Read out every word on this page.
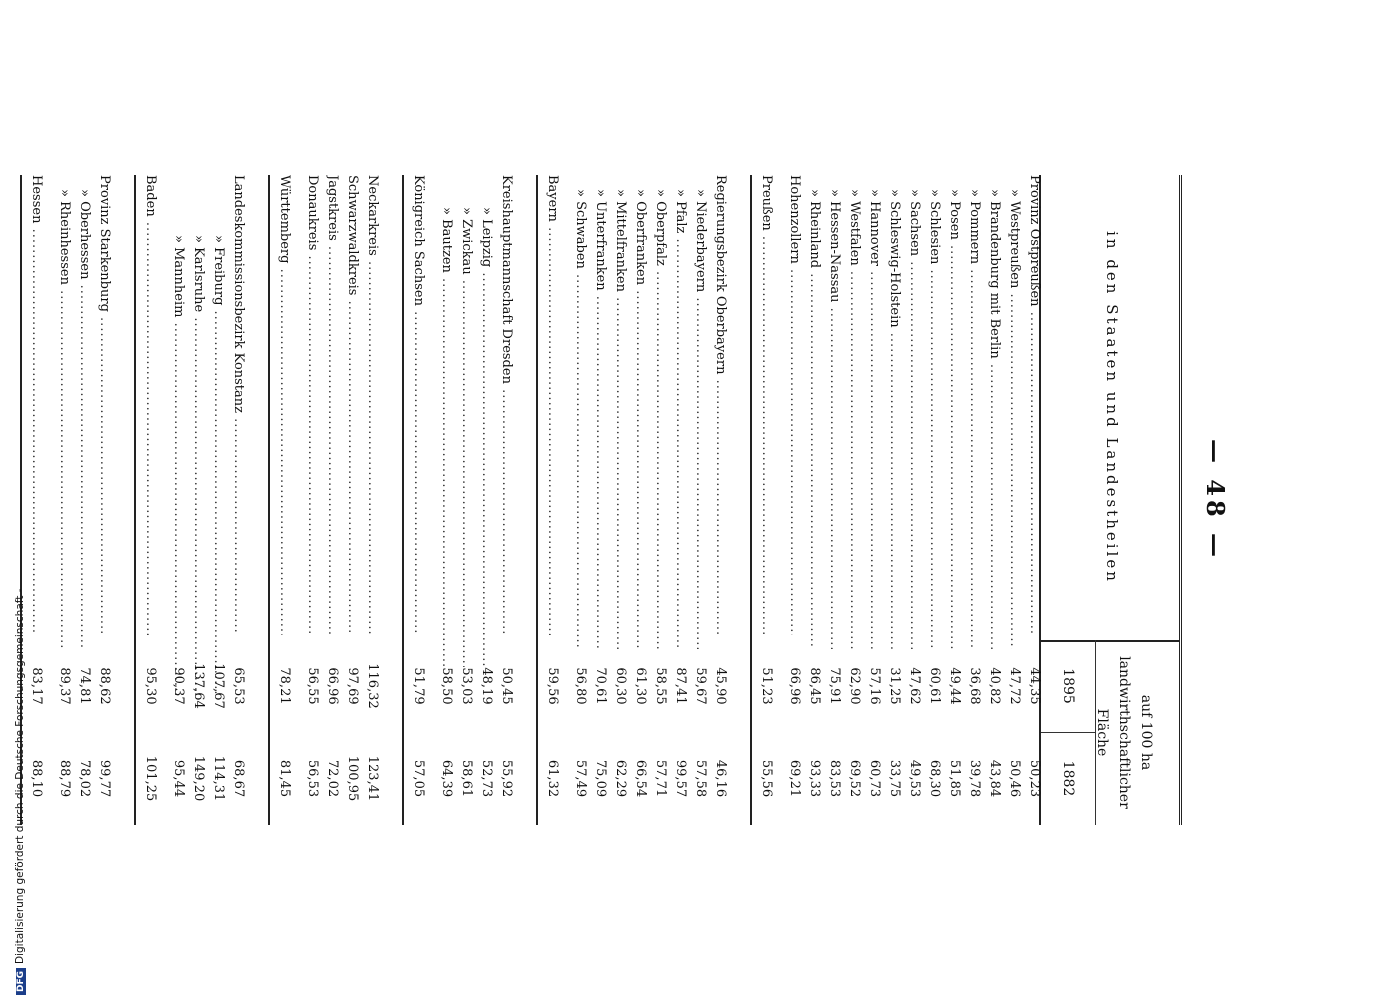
— 48 —
in den Staaten und Landestheilen
auf 100 ha landwirthschaftlicher Fläche
1895
1882
Provinz Ostpreußen .....
44,35
50,23
» Westpreußen .....
47,72
50,46
» Brandenburg mit Berlin .....
40,82
43,84
» Pommern .....
36,68
39,78
» Posen .....
49,44
51,85
» Schlesien .....
60,61
68,30
» Sachsen .....
47,62
49,53
» Schleswig-Holstein .....
31,25
33,75
» Hannover .....
57,16
60,73
» Westfalen .....
62,90
69,52
» Hessen-Nassau .....
75,91
83,53
» Rheinland .....
86,45
93,33
Hohenzollern .....
66,96
69,21
Preußen .....
51,23
55,56
Regierungsbezirk Oberbayern .....
45,90
46,16
» Niederbayern .....
59,67
57,58
» Pfalz .....
87,41
99,57
» Oberpfalz .....
58,55
57,71
» Oberfranken .....
61,30
66,54
» Mittelfranken .....
60,30
62,29
» Unterfranken .....
70,61
75,09
» Schwaben .....
56,80
57,49
Bayern .....
59,56
61,32
Kreishauptmannschaft Dresden .....
50,45
55,92
» Leipzig .....
48,19
52,73
» Zwickau .....
53,03
58,61
» Bautzen .....
58,50
64,39
Königreich Sachsen .....
51,79
57,05
Neckarkreis .....
116,32
123,41
Schwarzwaldkreis .....
97,69
100,95
Jagstkreis .....
66,96
72,02
Donaukreis .....
56,55
56,53
Württemberg .....
78,21
81,45
Landeskommissionsbezirk Konstanz .....
65,53
68,67
» Freiburg .....
107,67
114,31
» Karlsruhe .....
137,64
149,20
» Mannheim .....
90,37
95,44
Baden .....
95,30
101,25
Provinz Starkenburg .....
88,62
99,77
» Oberhessen .....
74,81
78,02
» Rheinhessen .....
89,37
88,79
Hessen .....
83,17
88,10
DFGDigitalisierung gefördert durch die Deutsche Forschungsgemeinschaft -
